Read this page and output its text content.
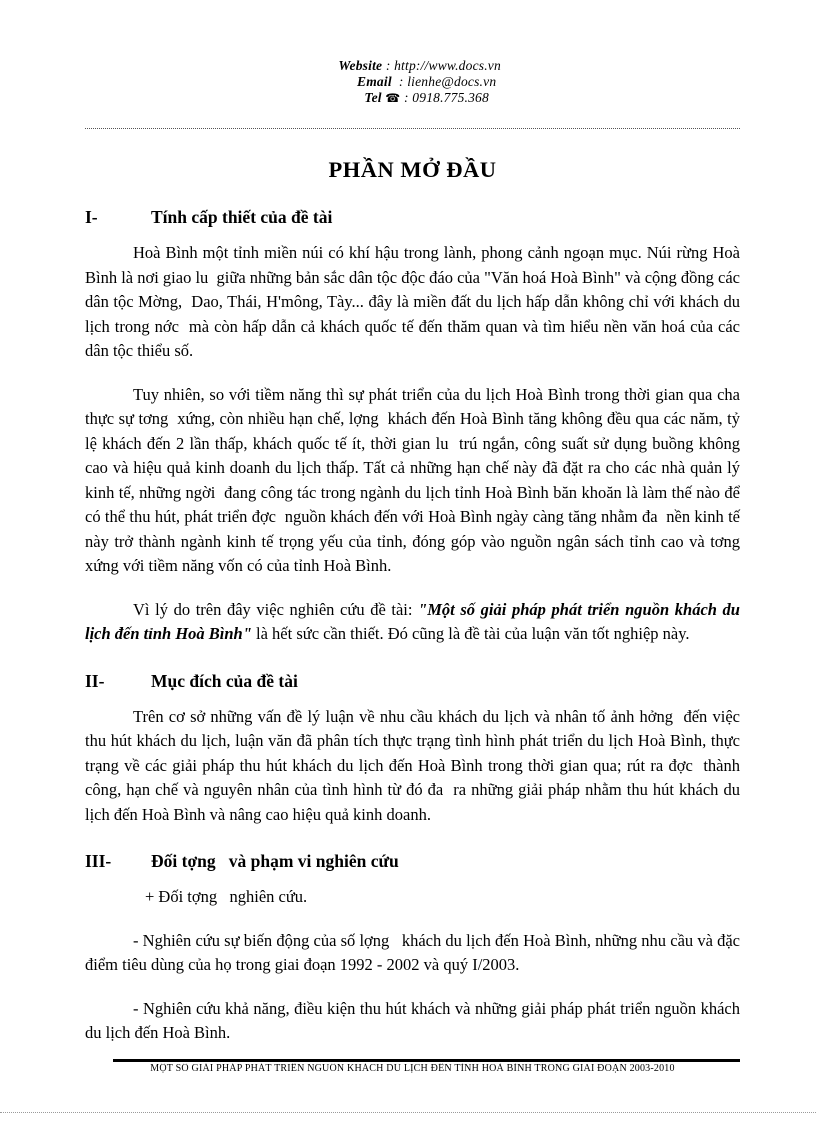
Website : http://www.docs.vn
Email  : lienhe@docs.vn
Tel ☎ : 0918.775.368

PHẦN MỞ ĐẦU
I-	Tính cấp thiết của đề tài

Hoà Bình một tỉnh miền núi có khí hậu trong lành, phong cảnh ngoạn mục. Núi rừng Hoà Bình là nơi giao lu  giữa những bản sắc dân tộc độc đáo của "Văn hoá Hoà Bình" và cộng đồng các dân tộc Mờng,  Dao, Thái, H'mông, Tày... đây là miền đất du lịch hấp dẫn không chỉ với khách du lịch trong nớc  mà còn hấp dẫn cả khách quốc tế đến thăm quan và tìm hiểu nền văn hoá của các dân tộc thiểu số.

Tuy nhiên, so với tiềm năng thì sự phát triển của du lịch Hoà Bình trong thời gian qua cha  thực sự tơng  xứng, còn nhiều hạn chế, lợng  khách đến Hoà Bình tăng không đều qua các năm, tỷ lệ khách đến 2 lần thấp, khách quốc tế ít, thời gian lu  trú ngắn, công suất sử dụng buồng không cao và hiệu quả kinh doanh du lịch thấp. Tất cả những hạn chế này đã đặt ra cho các nhà quản lý kinh tế, những ngời  đang công tác trong ngành du lịch tỉnh Hoà Bình băn khoăn là làm thế nào để có thể thu hút, phát triển đợc  nguồn khách đến với Hoà Bình ngày càng tăng nhằm đa  nền kinh tế này trở thành ngành kinh tế trọng yếu của tỉnh, đóng góp vào nguồn ngân sách tỉnh cao và tơng  xứng với tiềm năng vốn có của tỉnh Hoà Bình.

Vì lý do trên đây việc nghiên cứu đề tài: "Một số giải pháp phát triển nguồn khách du lịch đến tỉnh Hoà Bình" là hết sức cần thiết. Đó cũng là đề tài của luận văn tốt nghiệp này.

II-	Mục đích của đề tài

Trên cơ sở những vấn đề lý luận về nhu cầu khách du lịch và nhân tố ảnh hởng  đến việc thu hút khách du lịch, luận văn đã phân tích thực trạng tình hình phát triển du lịch Hoà Bình, thực trạng về các giải pháp thu hút khách du lịch đến Hoà Bình trong thời gian qua; rút ra đợc  thành công, hạn chế và nguyên nhân của tình hình từ đó đa  ra những giải pháp nhằm thu hút khách du lịch đến Hoà Bình và nâng cao hiệu quả kinh doanh.

III- Đối tợng   và phạm vi nghiên cứu

+ Đối tợng   nghiên cứu.

- Nghiên cứu sự biến động của số lợng   khách du lịch đến Hoà Bình, những nhu cầu và đặc điểm tiêu dùng của họ trong giai đoạn 1992 - 2002 và quý I/2003.

- Nghiên cứu khả năng, điều kiện thu hút khách và những giải pháp phát triển nguồn khách du lịch đến Hoà Bình.

MỘT SỐ GIẢI PHÁP PHÁT TRIỂN NGUỒN KHÁCH DU LỊCH ĐẾN TỈNH HOÀ BÌNH TRONG GIAI ĐOẠN 2003-2010
